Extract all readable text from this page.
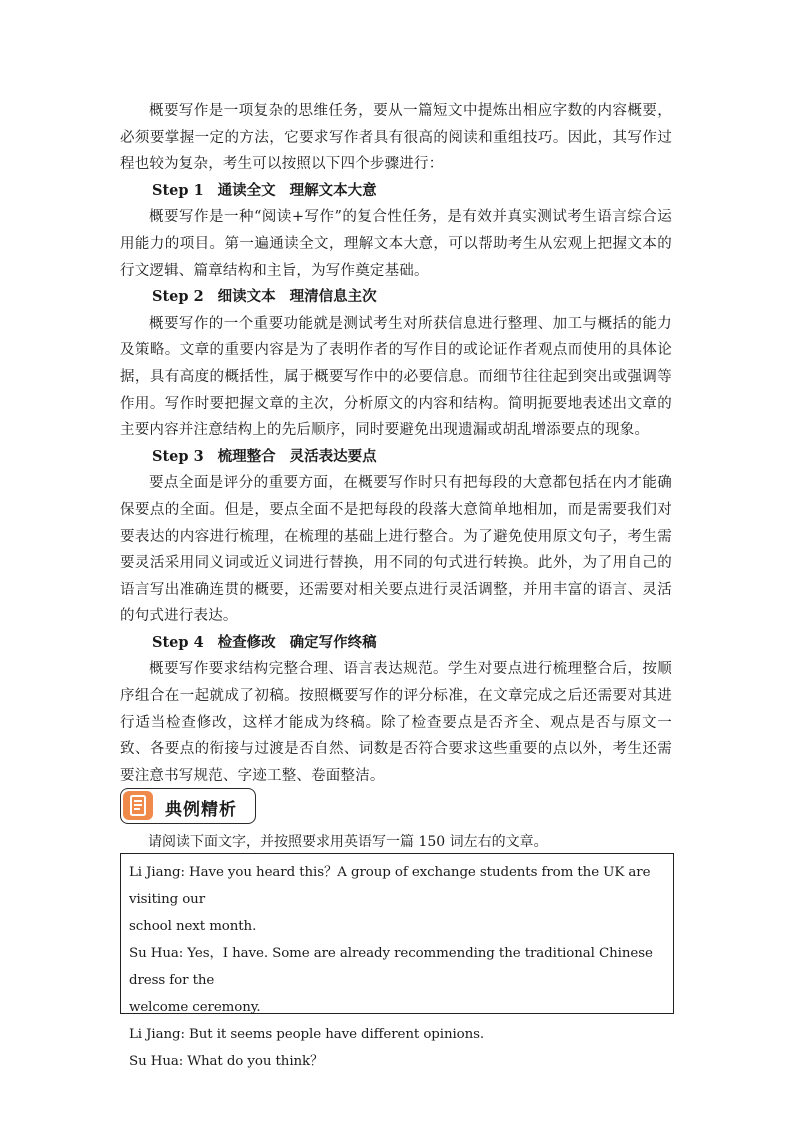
概要写作是一项复杂的思维任务，要从一篇短文中提炼出相应字数的内容概要，必须要掌握一定的方法，它要求写作者具有很高的阅读和重组技巧。因此，其写作过程也较为复杂，考生可以按照以下四个步骤进行：

Step 1 通读全文 理解文本大意

概要写作是一种“阅读+写作”的复合性任务，是有效并真实测试考生语言综合运用能力的项目。第一遍通读全文，理解文本大意，可以帮助考生从宏观上把握文本的行文逻辑、篇章结构和主旨，为写作奠定基础。

Step 2 细读文本 理清信息主次

概要写作的一个重要功能就是测试考生对所获信息进行整理、加工与概括的能力及策略。文章的重要内容是为了表明作者的写作目的或论证作者观点而使用的具体论据，具有高度的概括性，属于概要写作中的必要信息。而细节往往起到突出或强调等作用。写作时要把握文章的主次，分析原文的内容和结构。简明扼要地表述出文章的主要内容并注意结构上的先后顺序，同时要避免出现遗漏或胡乱增添要点的现象。

Step 3 梳理整合 灵活表达要点

要点全面是评分的重要方面，在概要写作时只有把每段的大意都包括在内才能确保要点的全面。但是，要点全面不是把每段的段落大意简单地相加，而是需要我们对要表达的内容进行梳理，在梳理的基础上进行整合。为了避免使用原文句子，考生需要灵活采用同义词或近义词进行替换，用不同的句式进行转换。此外，为了用自己的语言写出准确连贯的概要，还需要对相关要点进行灵活调整，并用丰富的语言、灵活的句式进行表达。

Step 4 检查修改 确定写作终稿

概要写作要求结构完整合理、语言表达规范。学生对要点进行梳理整合后，按顺序组合在一起就成了初稿。按照概要写作的评分标准，在文章完成之后还需要对其进行适当检查修改，这样才能成为终稿。除了检查要点是否齐全、观点是否与原文一致、各要点的衔接与过渡是否自然、词数是否符合要求这些重要的点以外，考生还需要注意书写规范、字迹工整、卷面整洁。

典例精析
请阅读下面文字，并按照要求用英语写一篇 150 词左右的文章。

Li Jiang: Have you heard this？A group of exchange students from the UK are visiting our

school next month.

Su Hua: Yes，I have. Some are already recommending the traditional Chinese dress for the

welcome ceremony.

Li Jiang: But it seems people have different opinions.

Su Hua: What do you think？
